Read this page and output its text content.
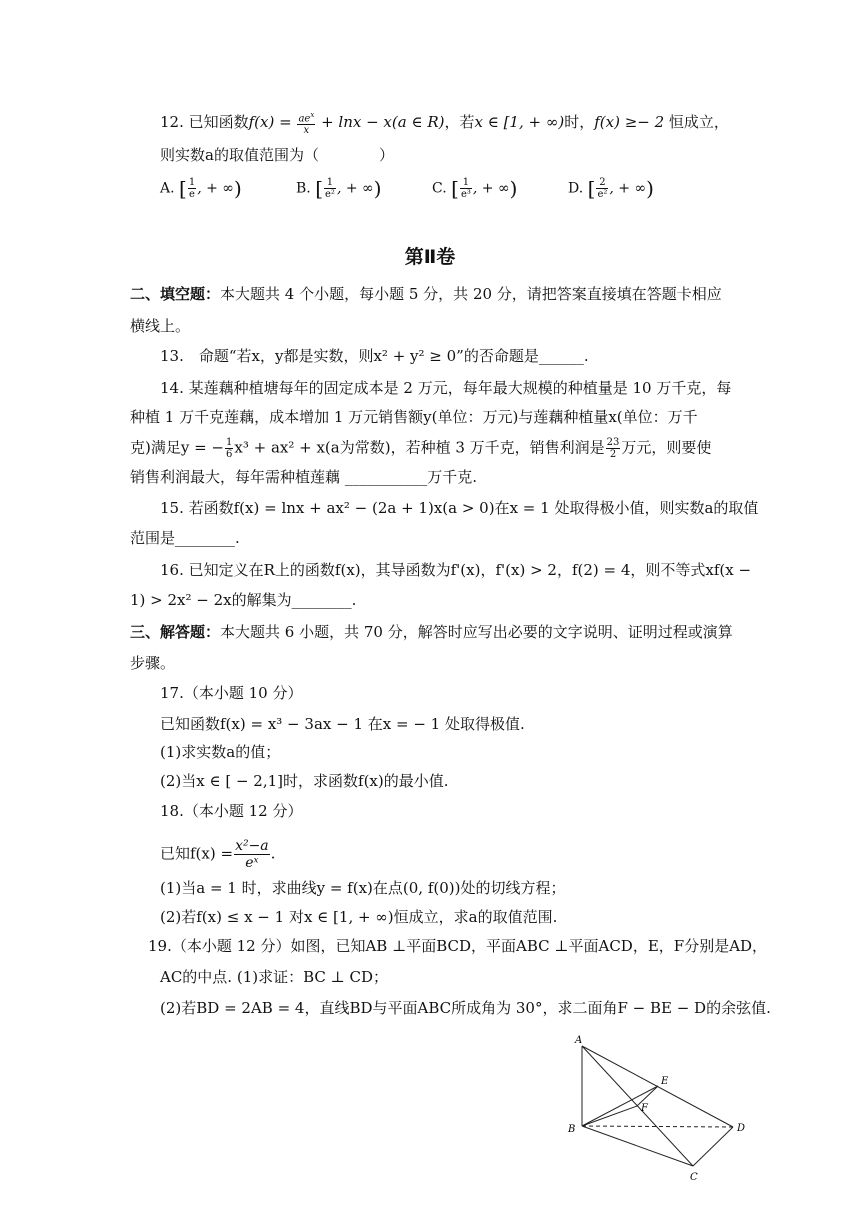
12. 已知函数$f(x) = \frac{ae^x}{x} + \ln x - x(a$ ∈ R)，若x ∈ [1, + ∞)时，f(x) ≥− 2 恒成立，
则实数a的取值范围为（　　　　）
A. [ $\frac{1}{e}$ , + ∞)	B. [ $\frac{1}{\text{e²}}$ , + ∞)	C. [ $\frac{1}{\text{e³}}$ , + ∞)	D. [ $\frac{2}{\text{e²}}$ , + ∞)
第Ⅱ卷
二、填空题：本大题共 4 个小题，每小题 5 分，共 20 分，请把答案直接填在答题卡相应
横线上。
13.　命题“若x，y都是实数，则x² + y² ≥ 0”的否命题是______.
14. 某莲藕种植塘每年的固定成本是 2 万元，每年最大规模的种植量是 10 万千克，每
种植 1 万千克莲藕，成本增加 1 万元销售额y(单位：万元)与莲藕种植量x(单位：万千
克)满足y = − $\frac{1}{6} x^3 + ax^2 + x(a$为常数)，若种植 3 万千克，销售利润是 $\frac{23}{2}$ 万元，则要使
销售利润最大，每年需种植莲藕 ___________万千克.
15. 若函数f(x) = lnx + ax² − (2a + 1)x(a > 0)在x = 1 处取得极小值，则实数a的取值
范围是________.
16. 已知定义在R上的函数f(x)，其导函数为f'(x)，f'(x) > 2，f(2) = 4，则不等式xf(x −
1) > 2x² − 2x的解集为________.
三、解答题：本大题共 6 小题，共 70 分，解答时应写出必要的文字说明、证明过程或演算
步骤。
17.（本小题 10 分）
已知函数f(x) = x³ − 3ax − 1 在x = − 1 处取得极值.
(1)求实数a的值；
(2)当x ∈ [ − 2,1]时，求函数f(x)的最小值.
18.（本小题 12 分）
已知$f(x) = \frac{\text{x²−a}}{\text{eˣ}}$ .
(1)当a = 1 时，求曲线y = f(x)在点(0, f(0))处的切线方程；
(2)若f(x) ≤ x − 1 对x ∈ [1, + ∞)恒成立，求a的取值范围.
19.（本小题 12 分）如图，已知AB ⊥平面BCD，平面ABC ⊥平面ACD，E，F分别是AD，
AC的中点. (1)求证：BC ⊥ CD；
(2)若BD = 2AB = 4，直线BD与平面ABC所成角为 30°，求二面角F − BE − D的余弦值.
A
B
C
D
E
F
